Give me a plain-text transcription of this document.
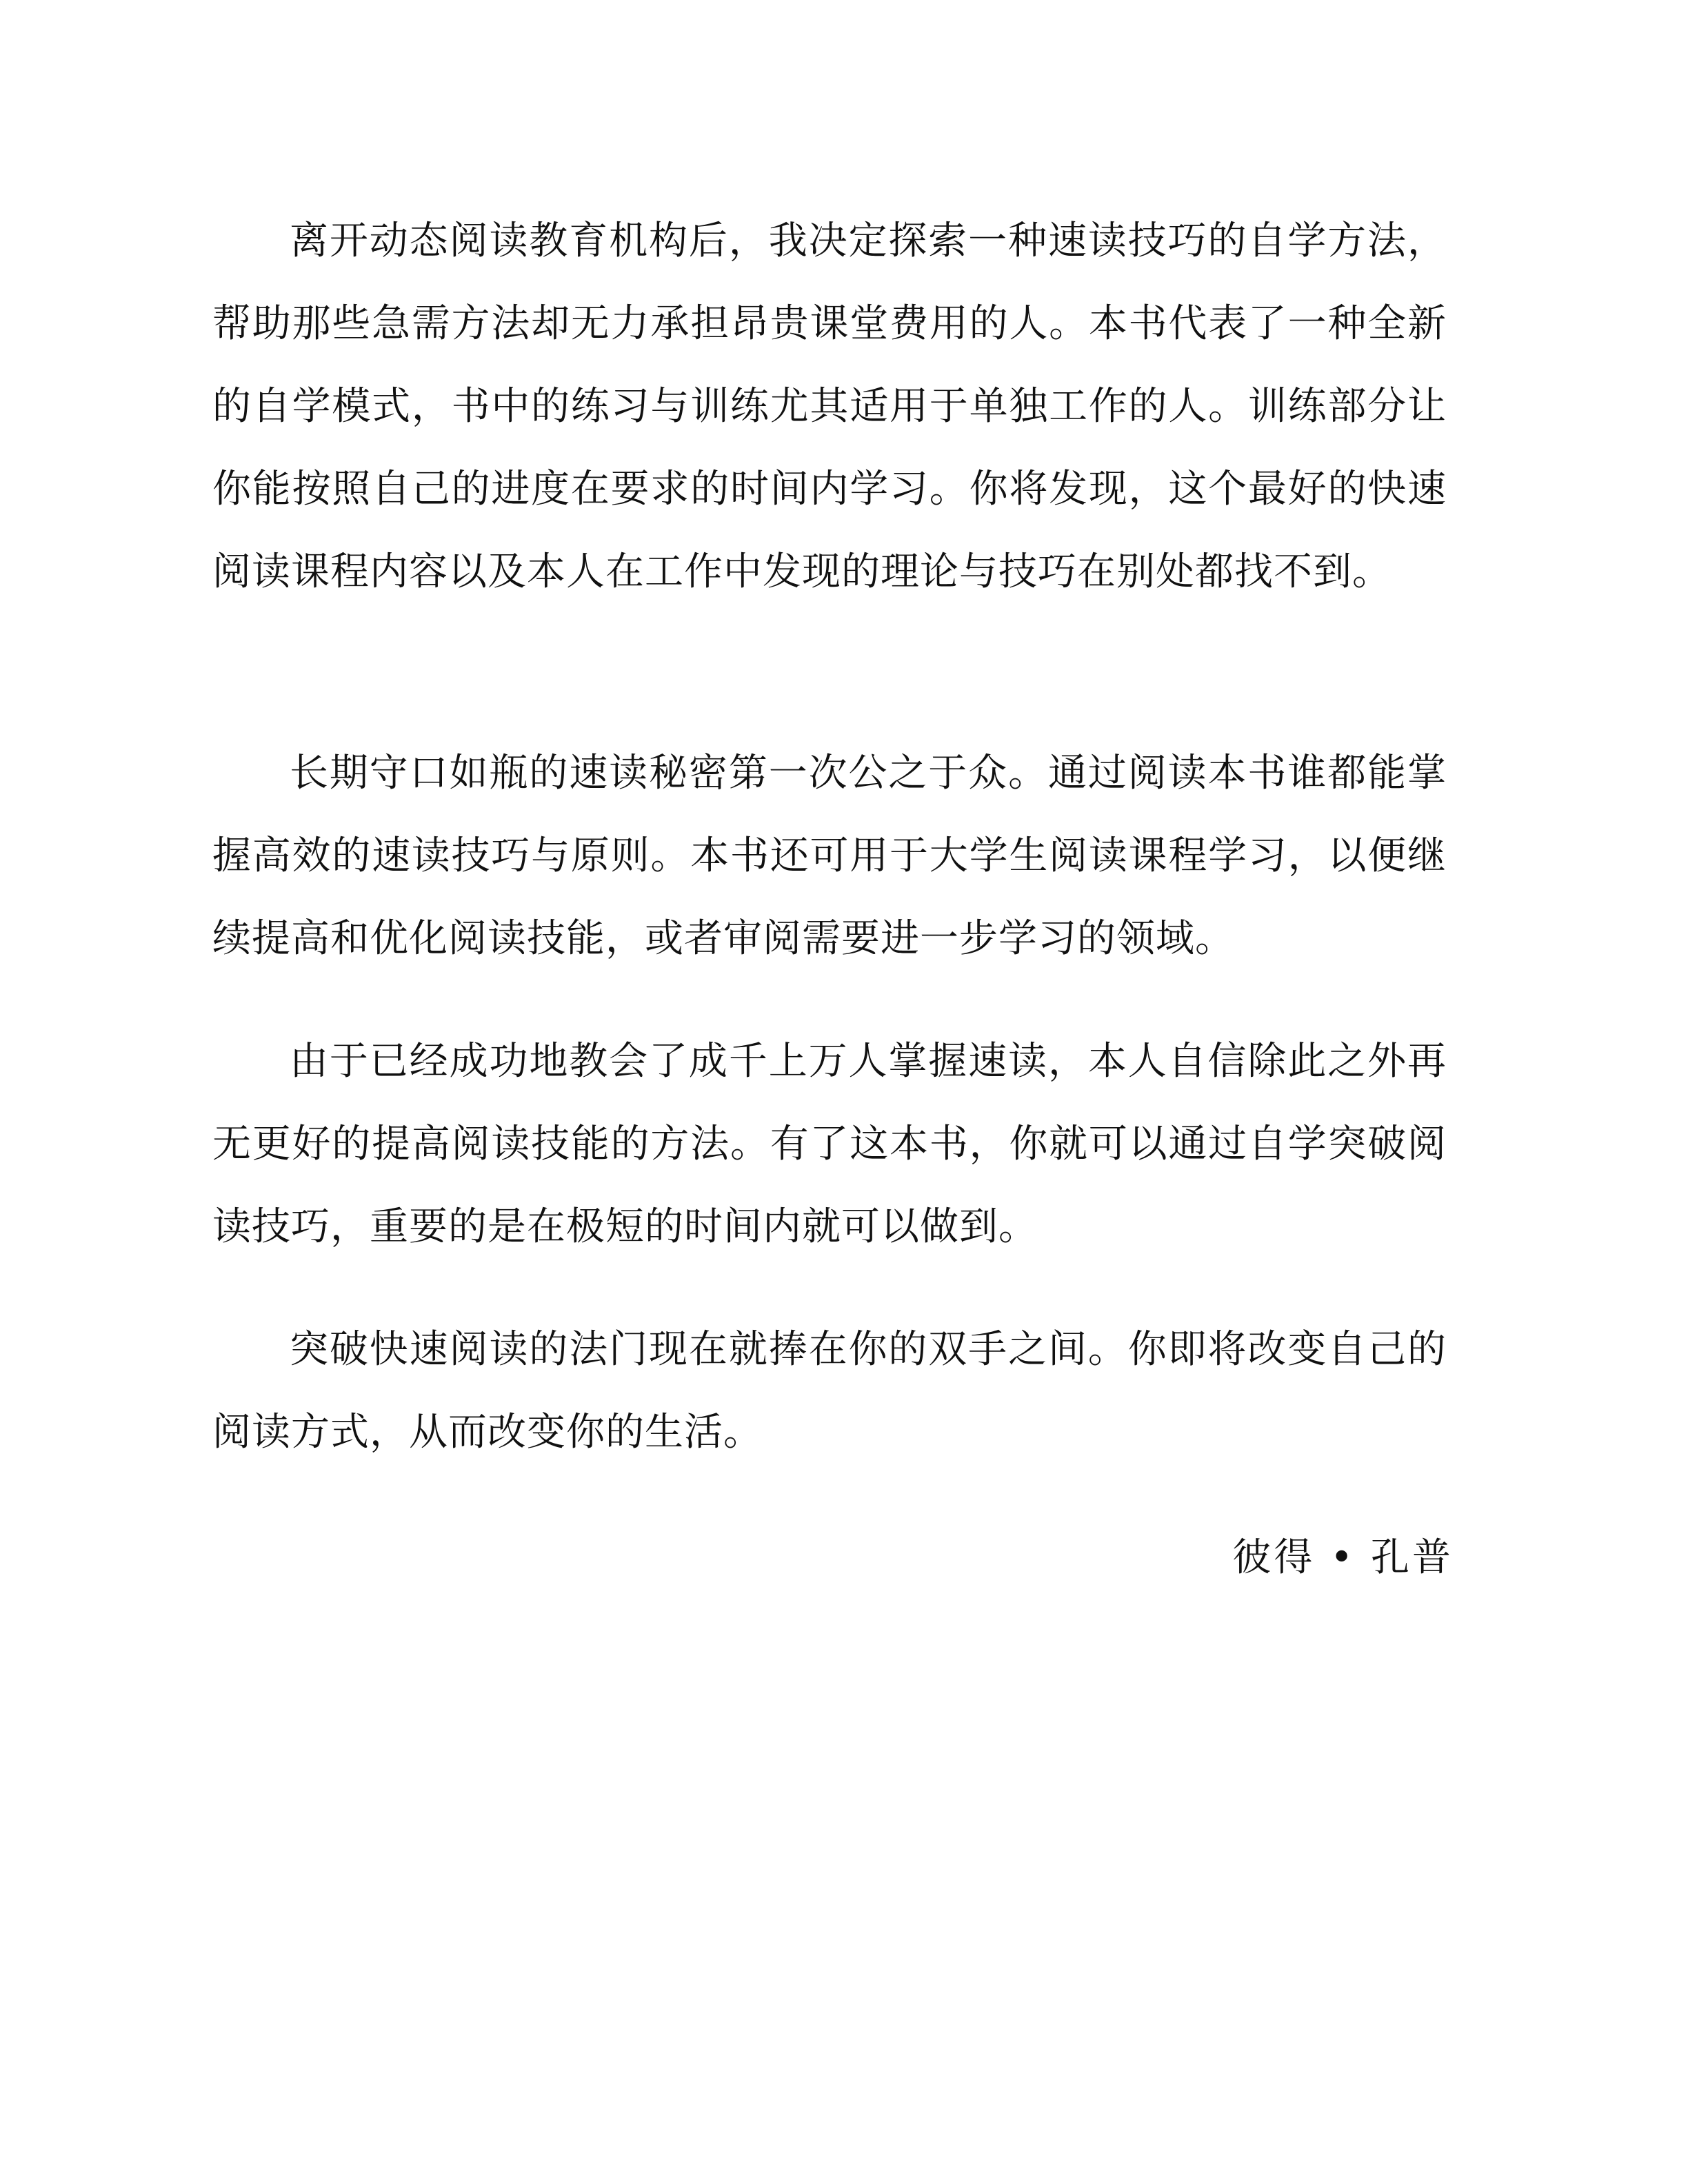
离开动态阅读教育机构后，我决定探索一种速读技巧的自学方法，帮助那些急需方法却无力承担昂贵课堂费用的人。本书代表了一种全新的自学模式，书中的练习与训练尤其适用于单独工作的人。训练部分让你能按照自己的进度在要求的时间内学习。你将发现，这个最好的快速阅读课程内容以及本人在工作中发现的理论与技巧在别处都找不到。

长期守口如瓶的速读秘密第一次公之于众。通过阅读本书谁都能掌握高效的速读技巧与原则。本书还可用于大学生阅读课程学习，以便继续提高和优化阅读技能，或者审阅需要进一步学习的领域。

由于已经成功地教会了成千上万人掌握速读，本人自信除此之外再无更好的提高阅读技能的方法。有了这本书，你就可以通过自学突破阅读技巧，重要的是在极短的时间内就可以做到。

突破快速阅读的法门现在就捧在你的双手之间。你即将改变自己的阅读方式，从而改变你的生活。

彼得 • 孔普
